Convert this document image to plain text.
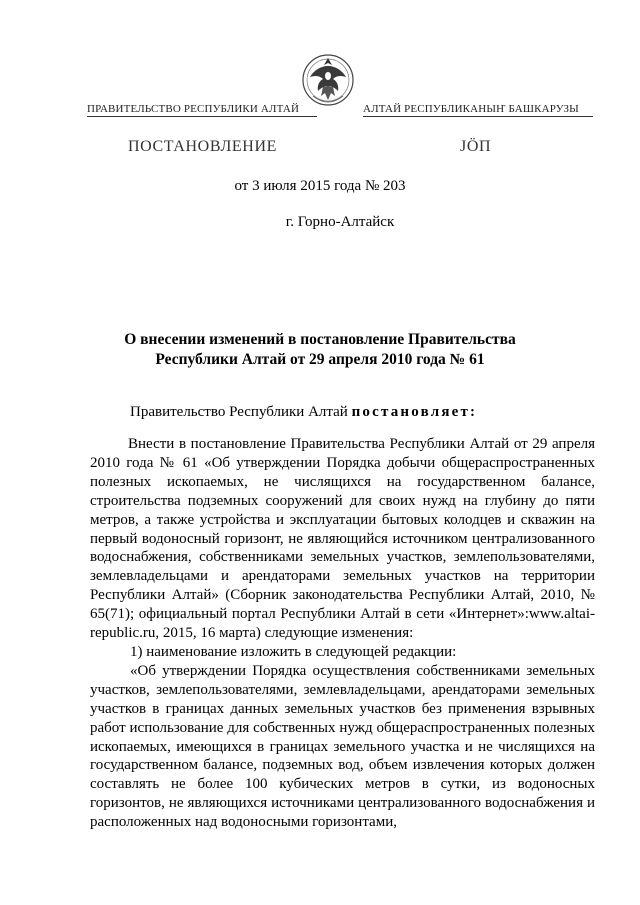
ПРАВИТЕЛЬСТВО РЕСПУБЛИКИ АЛТАЙ	АЛТАЙ РЕСПУБЛИКАНЫҤ БАШКАРУЗЫ
ПОСТАНОВЛЕНИЕ	ЈӦП
от 3 июля 2015 года № 203
г. Горно-Алтайск
О внесении изменений в постановление Правительства
Республики Алтай от 29 апреля 2010 года № 61
Правительство Республики Алтай постановляет:

Внести в постановление Правительства Республики Алтай от 29 апреля 2010 года № 61 «Об утверждении Порядка добычи общераспространенных полезных ископаемых, не числящихся на государственном балансе, строительства подземных сооружений для своих нужд на глубину до пяти метров, а также устройства и эксплуатации бытовых колодцев и скважин на первый водоносный горизонт, не являющийся источником централизованного водоснабжения, собственниками земельных участков, землепользователями, землевладельцами и арендаторами земельных участков на территории Республики Алтай» (Сборник законодательства Республики Алтай, 2010, № 65(71); официальный портал Республики Алтай в сети «Интернет»:www.altai-republic.ru, 2015, 16 марта) следующие изменения:

1) наименование изложить в следующей редакции:

«Об утверждении Порядка осуществления собственниками земельных участков, землепользователями, землевладельцами, арендаторами земельных участков в границах данных земельных участков без применения взрывных работ использование для собственных нужд общераспространенных полезных ископаемых, имеющихся в границах земельного участка и не числящихся на государственном балансе, подземных вод, объем извлечения которых должен составлять не более 100 кубических метров в сутки, из водоносных горизонтов, не являющихся источниками централизованного водоснабжения и расположенных над водоносными горизонтами,
